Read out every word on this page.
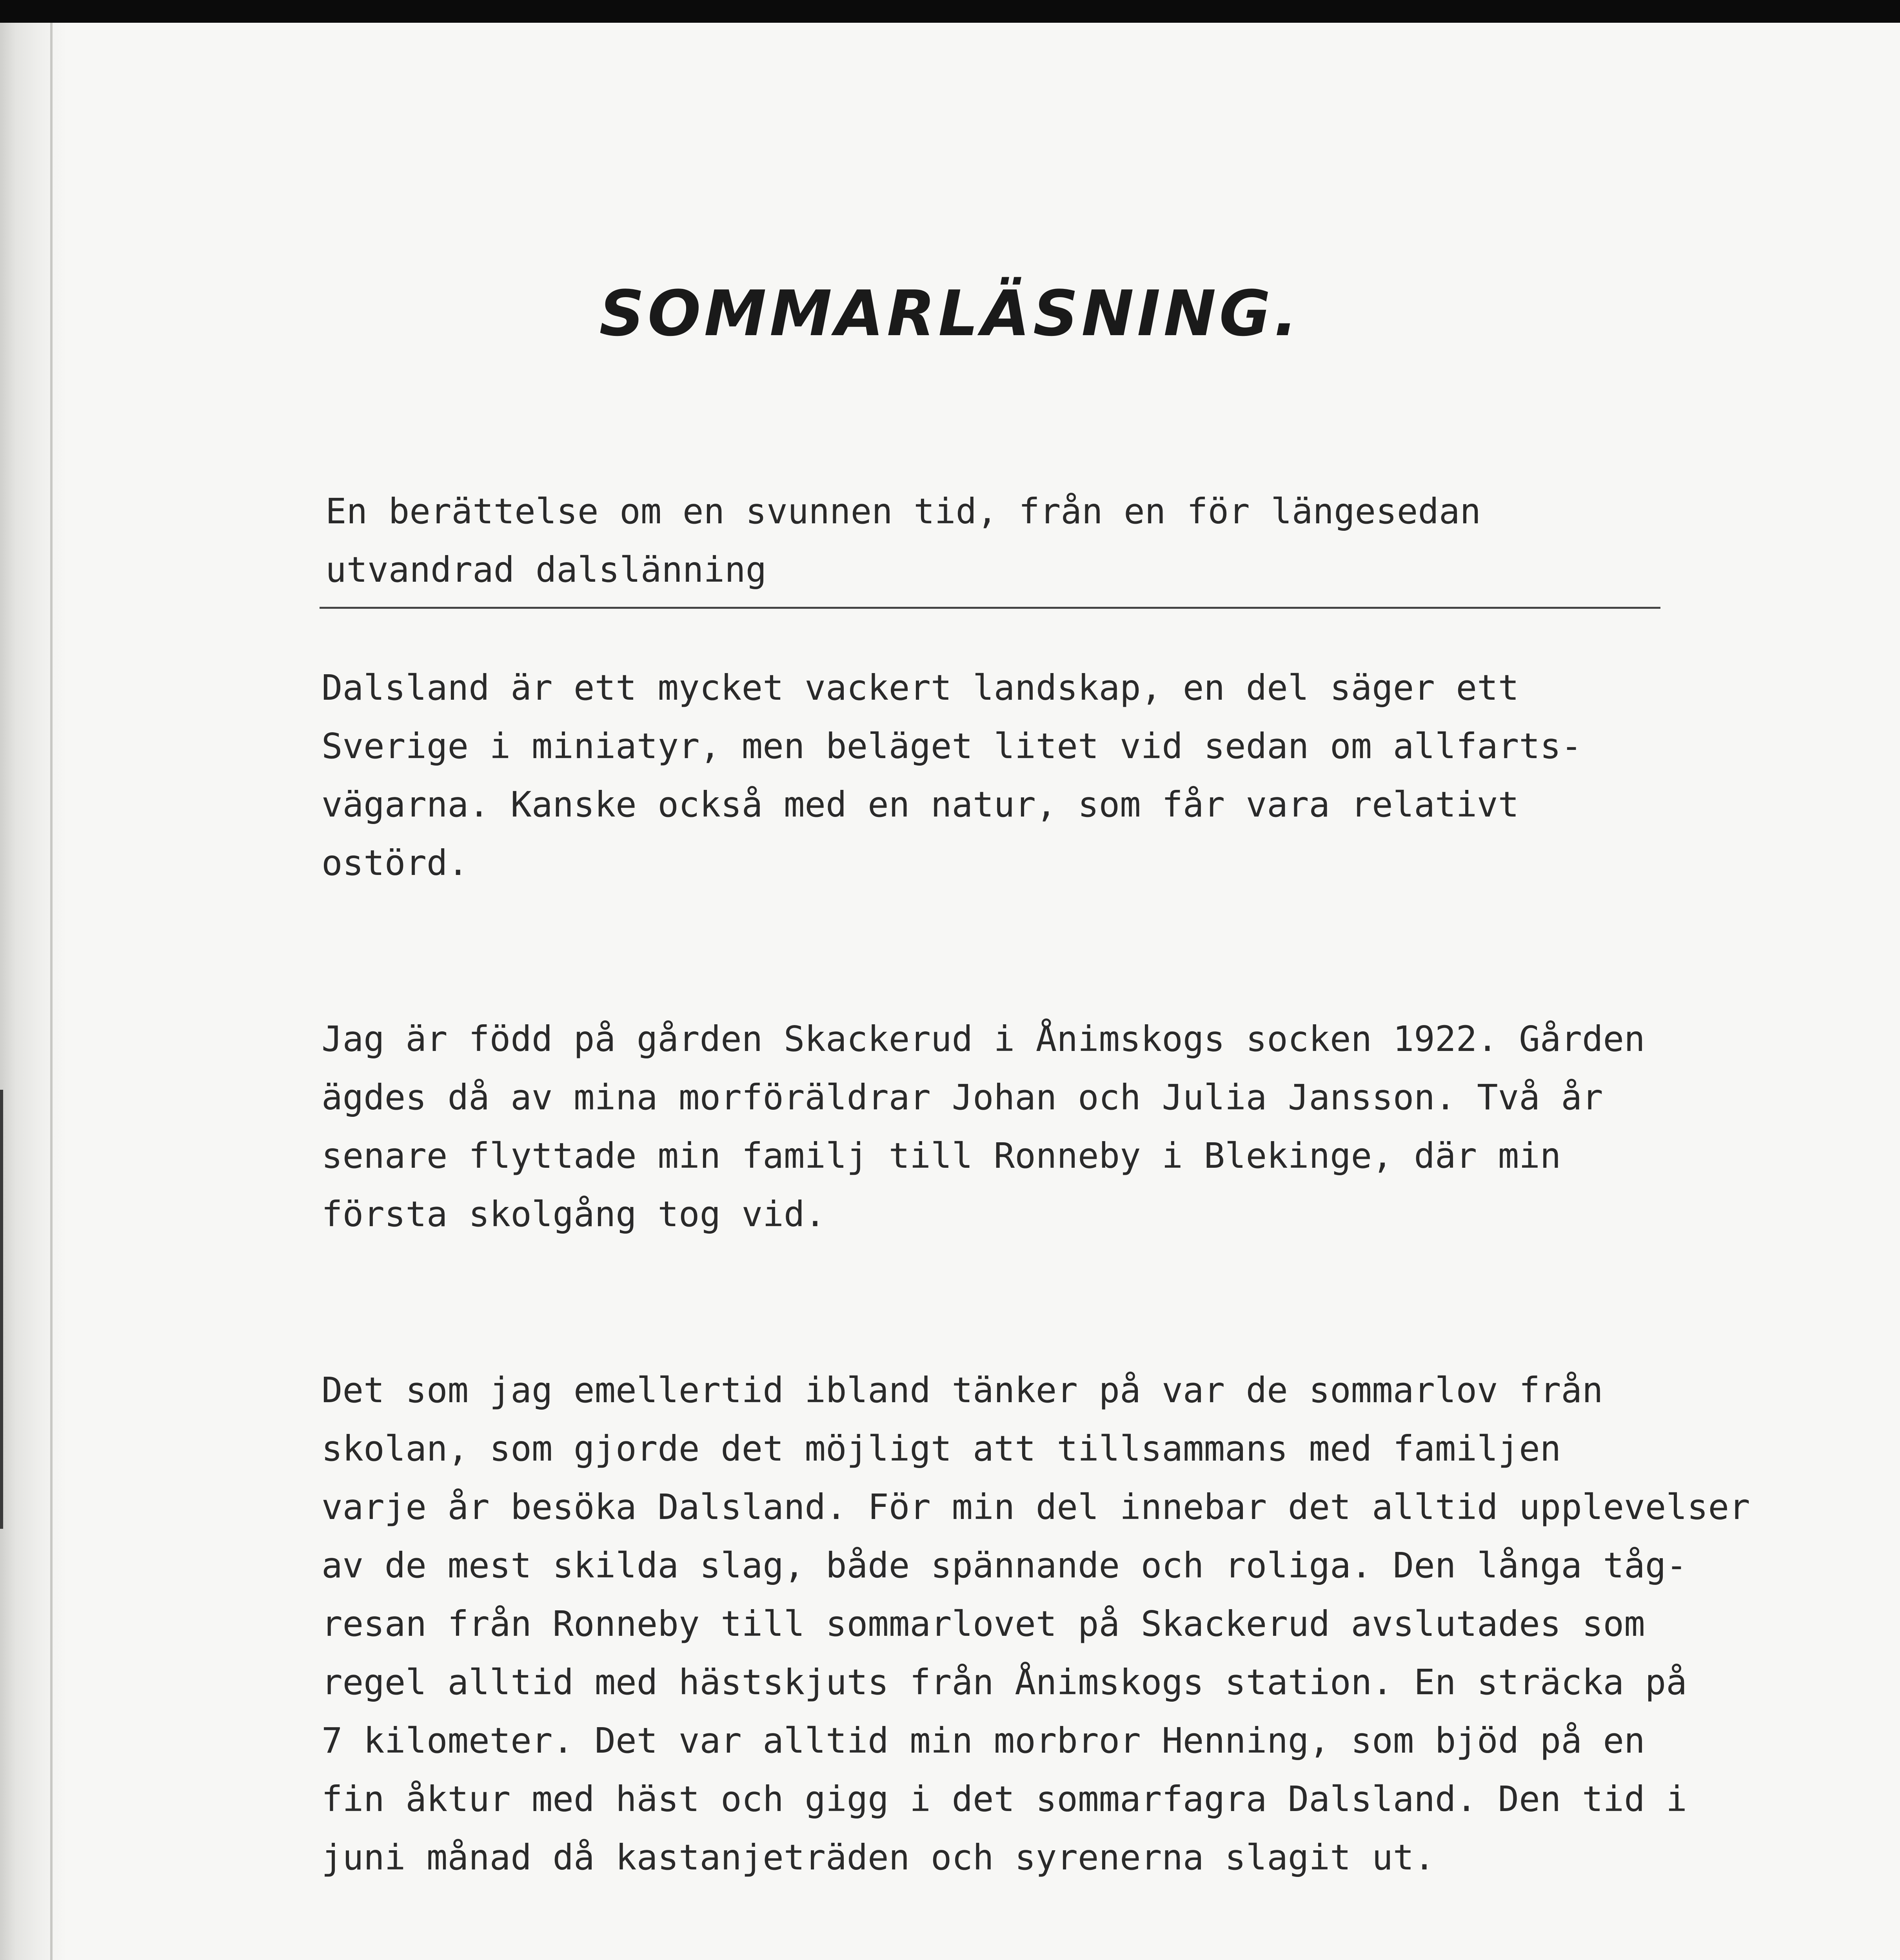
SOMMARLÄSNING.
En berättelse om en svunnen tid, från en för längesedan
utvandrad dalslänning
Dalsland är ett mycket vackert landskap, en del säger ett
Sverige i miniatyr, men beläget litet vid sedan om allfarts-
vägarna. Kanske också med en natur, som får vara relativt
ostörd.
Jag är född på gården Skackerud i Ånimskogs socken 1922. Gården
ägdes då av mina morföräldrar Johan och Julia Jansson. Två år
senare flyttade min familj till Ronneby i Blekinge, där min
första skolgång tog vid.
Det som jag emellertid ibland tänker på var de sommarlov från
skolan, som gjorde det möjligt att tillsammans med familjen
varje år besöka Dalsland. För min del innebar det alltid upplevelser
av de mest skilda slag, både spännande och roliga. Den långa tåg-
resan från Ronneby till sommarlovet på Skackerud avslutades som
regel alltid med hästskjuts från Ånimskogs station. En sträcka på
7 kilometer. Det var alltid min morbror Henning, som bjöd på en
fin åktur med häst och gigg i det sommarfagra Dalsland. Den tid i
juni månad då kastanjeträden och syrenerna slagit ut.
